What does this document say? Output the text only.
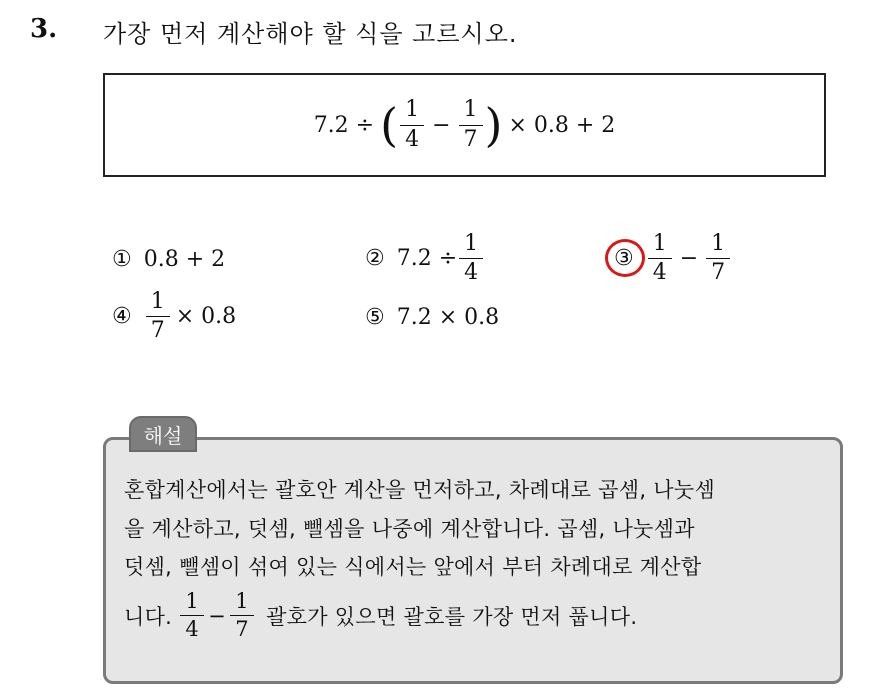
3. 가장 먼저 계산해야 할 식을 고르시오.
7.2 ÷ ( $\frac{1}{4} - \frac{1}{7}$ ) × 0.8 + 2
① 0.8 + 2	② $7.2 \div \frac{1}{4}$	③ $\frac{1}{4} - \frac{1}{7}$
④ $\frac{1}{7} \times 0.8$	⑤ 7.2 × 0.8
해설
혼합계산에서는 괄호안 계산을 먼저하고, 차례대로 곱셈, 나눗셈
을 계산하고, 덧셈, 뺄셈을 나중에 계산합니다. 곱셈, 나눗셈과
덧셈, 뺄셈이 섞여 있는 식에서는 앞에서 부터 차례대로 계산합
니다. $\frac{1}{4} - \frac{1}{7}$ 괄호가 있으면 괄호를 가장 먼저 풉니다.
